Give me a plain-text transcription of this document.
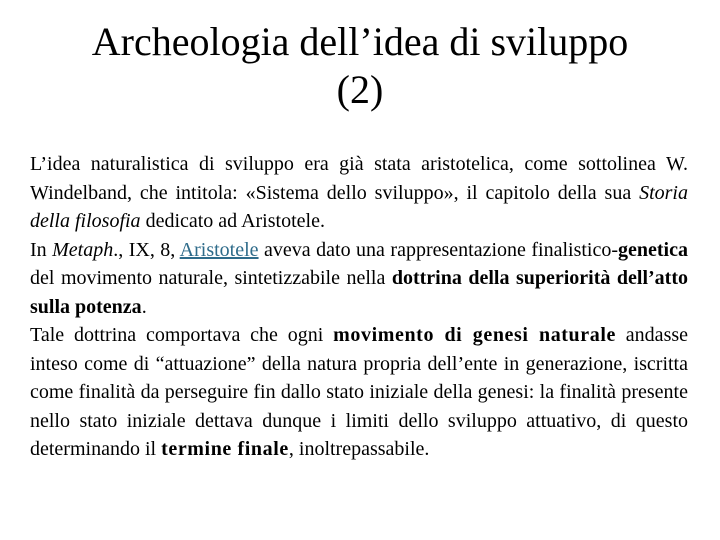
Archeologia dell’idea di sviluppo
(2)

L’idea naturalistica di sviluppo era già stata aristotelica, come sottolinea W. Windelband, che intitola: «Sistema dello sviluppo», il capitolo della sua Storia della filosofia dedicato ad Aristotele.

In Metaph., IX, 8, Aristotele aveva dato una rappresentazione finalistico-genetica del movimento naturale, sintetizzabile nella dottrina della superiorità dell’atto sulla potenza.

Tale dottrina comportava che ogni movimento di genesi naturale andasse inteso come di “attuazione” della natura propria dell’ente in generazione, iscritta come finalità da perseguire fin dallo stato iniziale della genesi: la finalità presente nello stato iniziale dettava dunque i limiti dello sviluppo attuativo, di questo determinando il termine finale, inoltrepassabile.
